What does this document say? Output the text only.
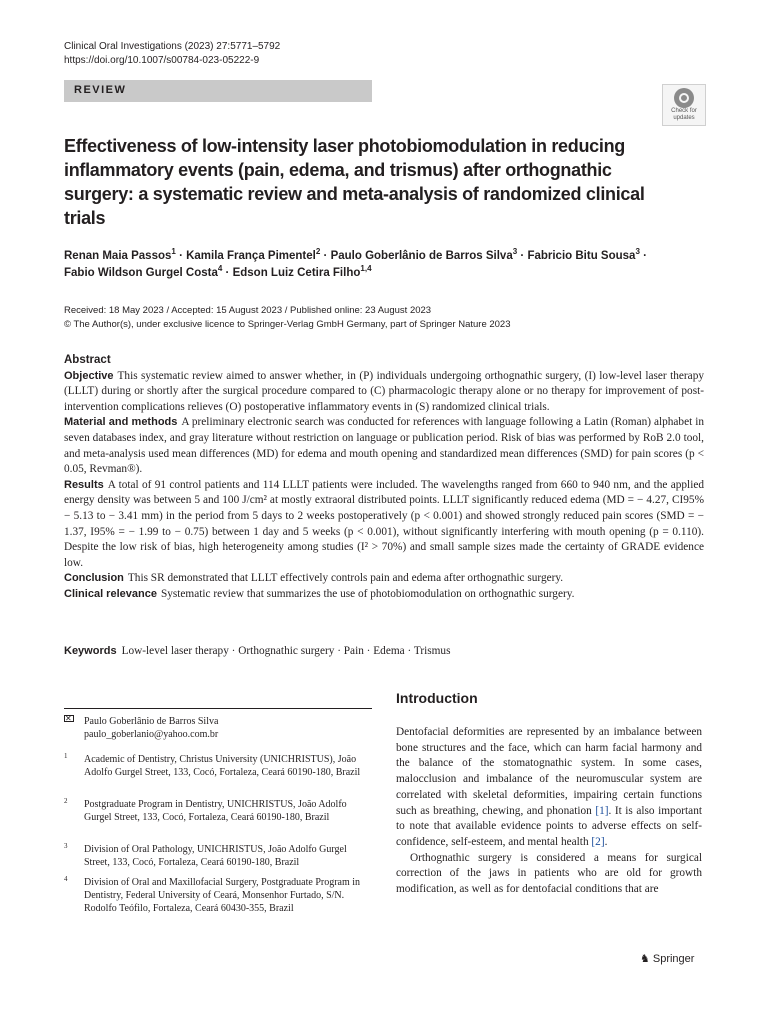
Clinical Oral Investigations (2023) 27:5771–5792
https://doi.org/10.1007/s00784-023-05222-9
REVIEW
Check for
updates
Effectiveness of low-intensity laser photobiomodulation in reducing inflammatory events (pain, edema, and trismus) after orthognathic surgery: a systematic review and meta-analysis of randomized clinical trials
Renan Maia Passos$^1$ · Kamila França Pimentel$^2$ · Paulo Goberlânio de Barros Silva$^3$ · Fabricio Bitu Sousa$^3$ ·
Fabio Wildson Gurgel Costa$^4$ · Edson Luiz Cetira Filho$^{1,4}$
Received: 18 May 2023 / Accepted: 15 August 2023 / Published online: 23 August 2023
© The Author(s), under exclusive licence to Springer-Verlag GmbH Germany, part of Springer Nature 2023
Abstract

Objective This systematic review aimed to answer whether, in (P) individuals undergoing orthognathic surgery, (I) low-level laser therapy (LLLT) during or shortly after the surgical procedure compared to (C) pharmacologic therapy alone or no therapy for improvement of post-intervention complications relieves (O) postoperative inflammatory events in (S) randomized clinical trials.

Material and methods A preliminary electronic search was conducted for references with language following a Latin (Roman) alphabet in seven databases index, and gray literature without restriction on language or publication period. Risk of bias was performed by RoB 2.0 tool, and meta-analysis used mean differences (MD) for edema and mouth opening and standardized mean differences (SMD) for pain scores (p < 0.05, Revman®).

Results A total of 91 control patients and 114 LLLT patients were included. The wavelengths ranged from 660 to 940 nm, and the applied energy density was between 5 and 100 J/cm² at mostly extraoral distributed points. LLLT significantly reduced edema (MD = − 4.27, CI95% − 5.13 to − 3.41 mm) in the period from 5 days to 2 weeks postoperatively (p < 0.001) and showed strongly reduced pain scores (SMD = − 1.37, I95% = − 1.99 to − 0.75) between 1 day and 5 weeks (p < 0.001), without significantly interfering with mouth opening (p = 0.110). Despite the low risk of bias, high heterogeneity among studies (I² > 70%) and small sample sizes made the certainty of GRADE evidence low.

Conclusion This SR demonstrated that LLLT effectively controls pain and edema after orthognathic surgery.

Clinical relevance Systematic review that summarizes the use of photobiomodulation on orthognathic surgery.

Keywords Low-level laser therapy · Orthognathic surgery · Pain · Edema · Trismus
✕
Paulo Goberlânio de Barros Silva
paulo_goberlanio@yahoo.com.br
1 Academic of Dentistry, Christus University (UNICHRISTUS), João Adolfo Gurgel Street, 133, Cocó, Fortaleza, Ceará 60190-180, Brazil
2 Postgraduate Program in Dentistry, UNICHRISTUS, João Adolfo Gurgel Street, 133, Cocó, Fortaleza, Ceará 60190-180, Brazil
3 Division of Oral Pathology, UNICHRISTUS, João Adolfo Gurgel Street, 133, Cocó, Fortaleza, Ceará 60190-180, Brazil
4 Division of Oral and Maxillofacial Surgery, Postgraduate Program in Dentistry, Federal University of Ceará, Monsenhor Furtado, S/N. Rodolfo Teófilo, Fortaleza, Ceará 60430-355, Brazil
Introduction

Dentofacial deformities are represented by an imbalance between bone structures and the face, which can harm facial harmony and the balance of the stomatognathic system. In some cases, malocclusion and imbalance of the neuromuscular system are correlated with skeletal deformities, impairing certain functions such as breathing, chewing, and phonation [1]. It is also important to note that available evidence points to adverse effects on self-confidence, self-esteem, and mental health [2].

Orthognathic surgery is considered a means for surgical correction of the jaws in patients who are old for growth modification, as well as for dentofacial conditions that are

♞ Springer
